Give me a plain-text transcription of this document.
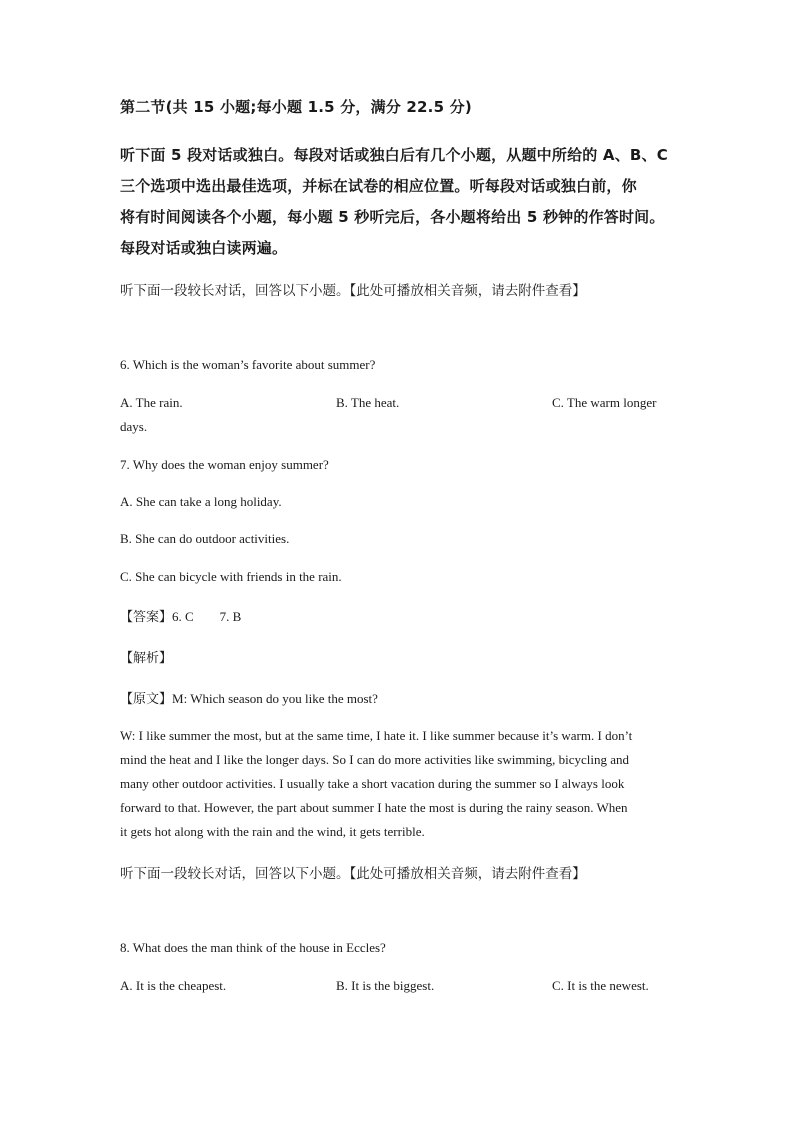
第二节(共 15 小题;每小题 1.5 分，满分 22.5 分)
听下面 5 段对话或独白。每段对话或独白后有几个小题，从题中所给的 A、B、C
三个选项中选出最佳选项，并标在试卷的相应位置。听每段对话或独白前，你
将有时间阅读各个小题，每小题 5 秒听完后，各小题将给出 5 秒钟的作答时间。
每段对话或独白读两遍。
听下面一段较长对话，回答以下小题。【此处可播放相关音频，请去附件查看】
6. Which is the woman’s favorite about summer?
A. The rain.	B. The heat.	C. The warm longer
days.
7. Why does the woman enjoy summer?
A. She can take a long holiday.
B. She can do outdoor activities.
C. She can bicycle with friends in the rain.
【答案】6. C        7. B
【解析】
【原文】M: Which season do you like the most?
W: I like summer the most, but at the same time, I hate it. I like summer because it’s warm. I don’t
mind the heat and I like the longer days. So I can do more activities like swimming, bicycling and
many other outdoor activities. I usually take a short vacation during the summer so I always look
forward to that. However, the part about summer I hate the most is during the rainy season. When
it gets hot along with the rain and the wind, it gets terrible.
听下面一段较长对话，回答以下小题。【此处可播放相关音频，请去附件查看】
8. What does the man think of the house in Eccles?
A. It is the cheapest.	B. It is the biggest.	C. It is the newest.
